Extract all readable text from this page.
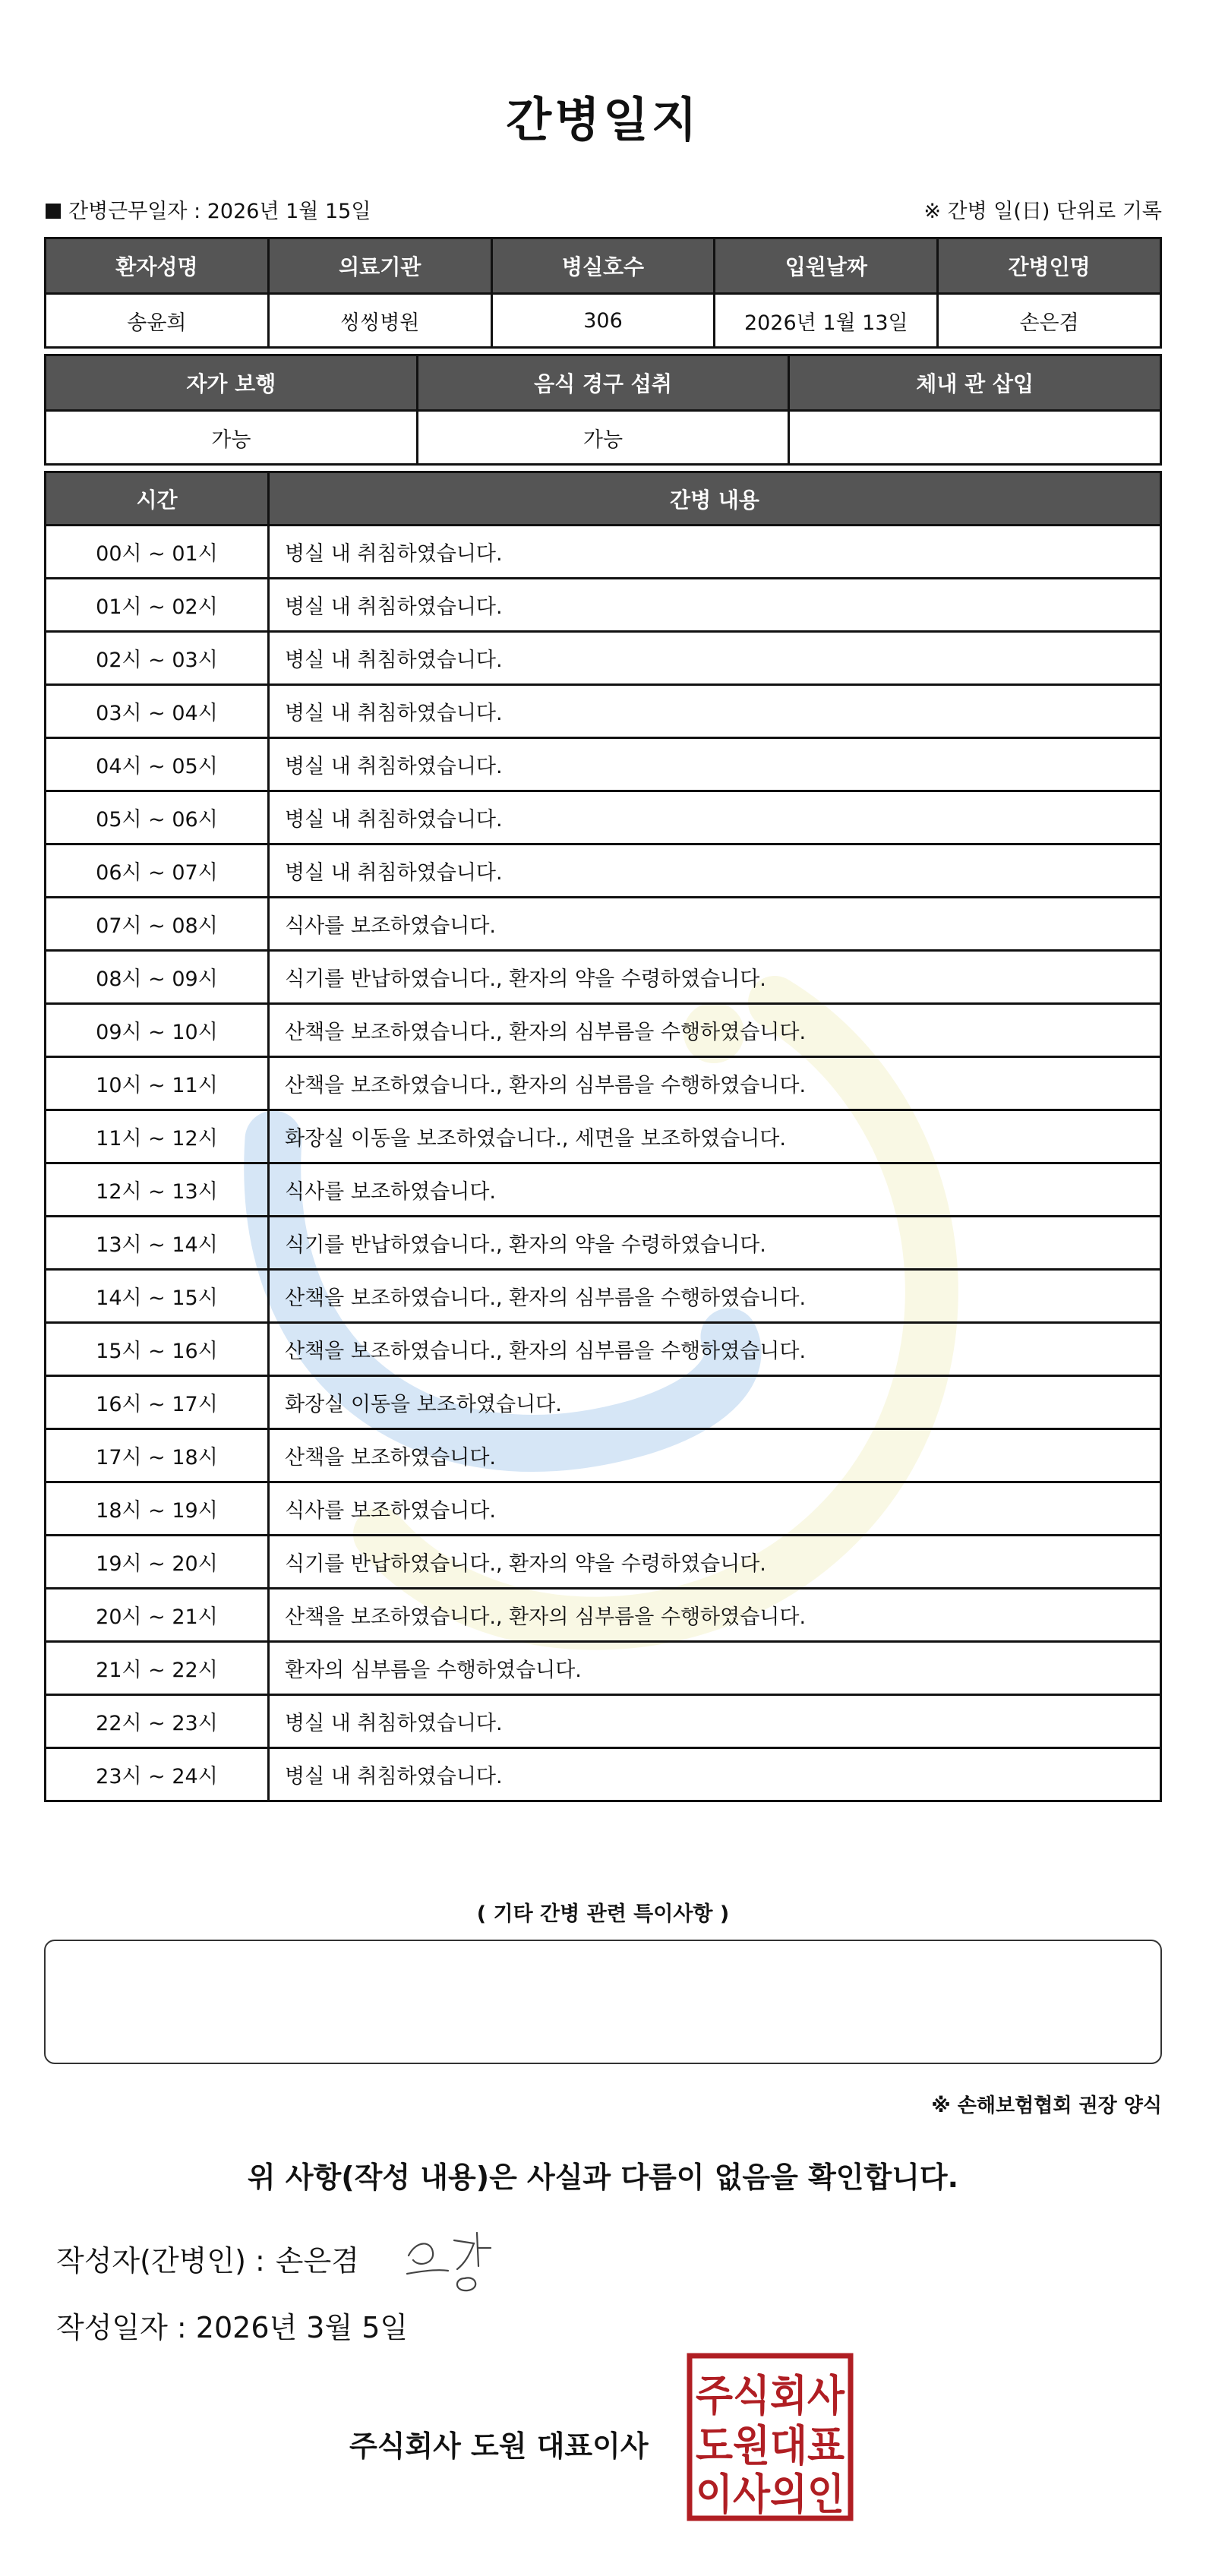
간병일지
간병근무일자 : 2026년 1월 15일	※ 간병 일(日) 단위로 기록
환자성명	의료기관	병실호수	입원날짜	간병인명
송윤희	씽씽병원	306	2026년 1월 13일	손은겸
자가 보행	음식 경구 섭취	체내 관 삽입
가능	가능	
시간	간병 내용
00시 ~ 01시	병실 내 취침하였습니다.
01시 ~ 02시	병실 내 취침하였습니다.
02시 ~ 03시	병실 내 취침하였습니다.
03시 ~ 04시	병실 내 취침하였습니다.
04시 ~ 05시	병실 내 취침하였습니다.
05시 ~ 06시	병실 내 취침하였습니다.
06시 ~ 07시	병실 내 취침하였습니다.
07시 ~ 08시	식사를 보조하였습니다.
08시 ~ 09시	식기를 반납하였습니다., 환자의 약을 수령하였습니다.
09시 ~ 10시	산책을 보조하였습니다., 환자의 심부름을 수행하였습니다.
10시 ~ 11시	산책을 보조하였습니다., 환자의 심부름을 수행하였습니다.
11시 ~ 12시	화장실 이동을 보조하였습니다., 세면을 보조하였습니다.
12시 ~ 13시	식사를 보조하였습니다.
13시 ~ 14시	식기를 반납하였습니다., 환자의 약을 수령하였습니다.
14시 ~ 15시	산책을 보조하였습니다., 환자의 심부름을 수행하였습니다.
15시 ~ 16시	산책을 보조하였습니다., 환자의 심부름을 수행하였습니다.
16시 ~ 17시	화장실 이동을 보조하였습니다.
17시 ~ 18시	산책을 보조하였습니다.
18시 ~ 19시	식사를 보조하였습니다.
19시 ~ 20시	식기를 반납하였습니다., 환자의 약을 수령하였습니다.
20시 ~ 21시	산책을 보조하였습니다., 환자의 심부름을 수행하였습니다.
21시 ~ 22시	환자의 심부름을 수행하였습니다.
22시 ~ 23시	병실 내 취침하였습니다.
23시 ~ 24시	병실 내 취침하였습니다.
( 기타 간병 관련 특이사항 )
※ 손해보험협회 권장 양식
위 사항(작성 내용)은 사실과 다름이 없음을 확인합니다.
작성자(간병인) : 손은겸
작성일자 : 2026년 3월 5일
주식회사 도원 대표이사
주식회사
도원대표
이사의인
